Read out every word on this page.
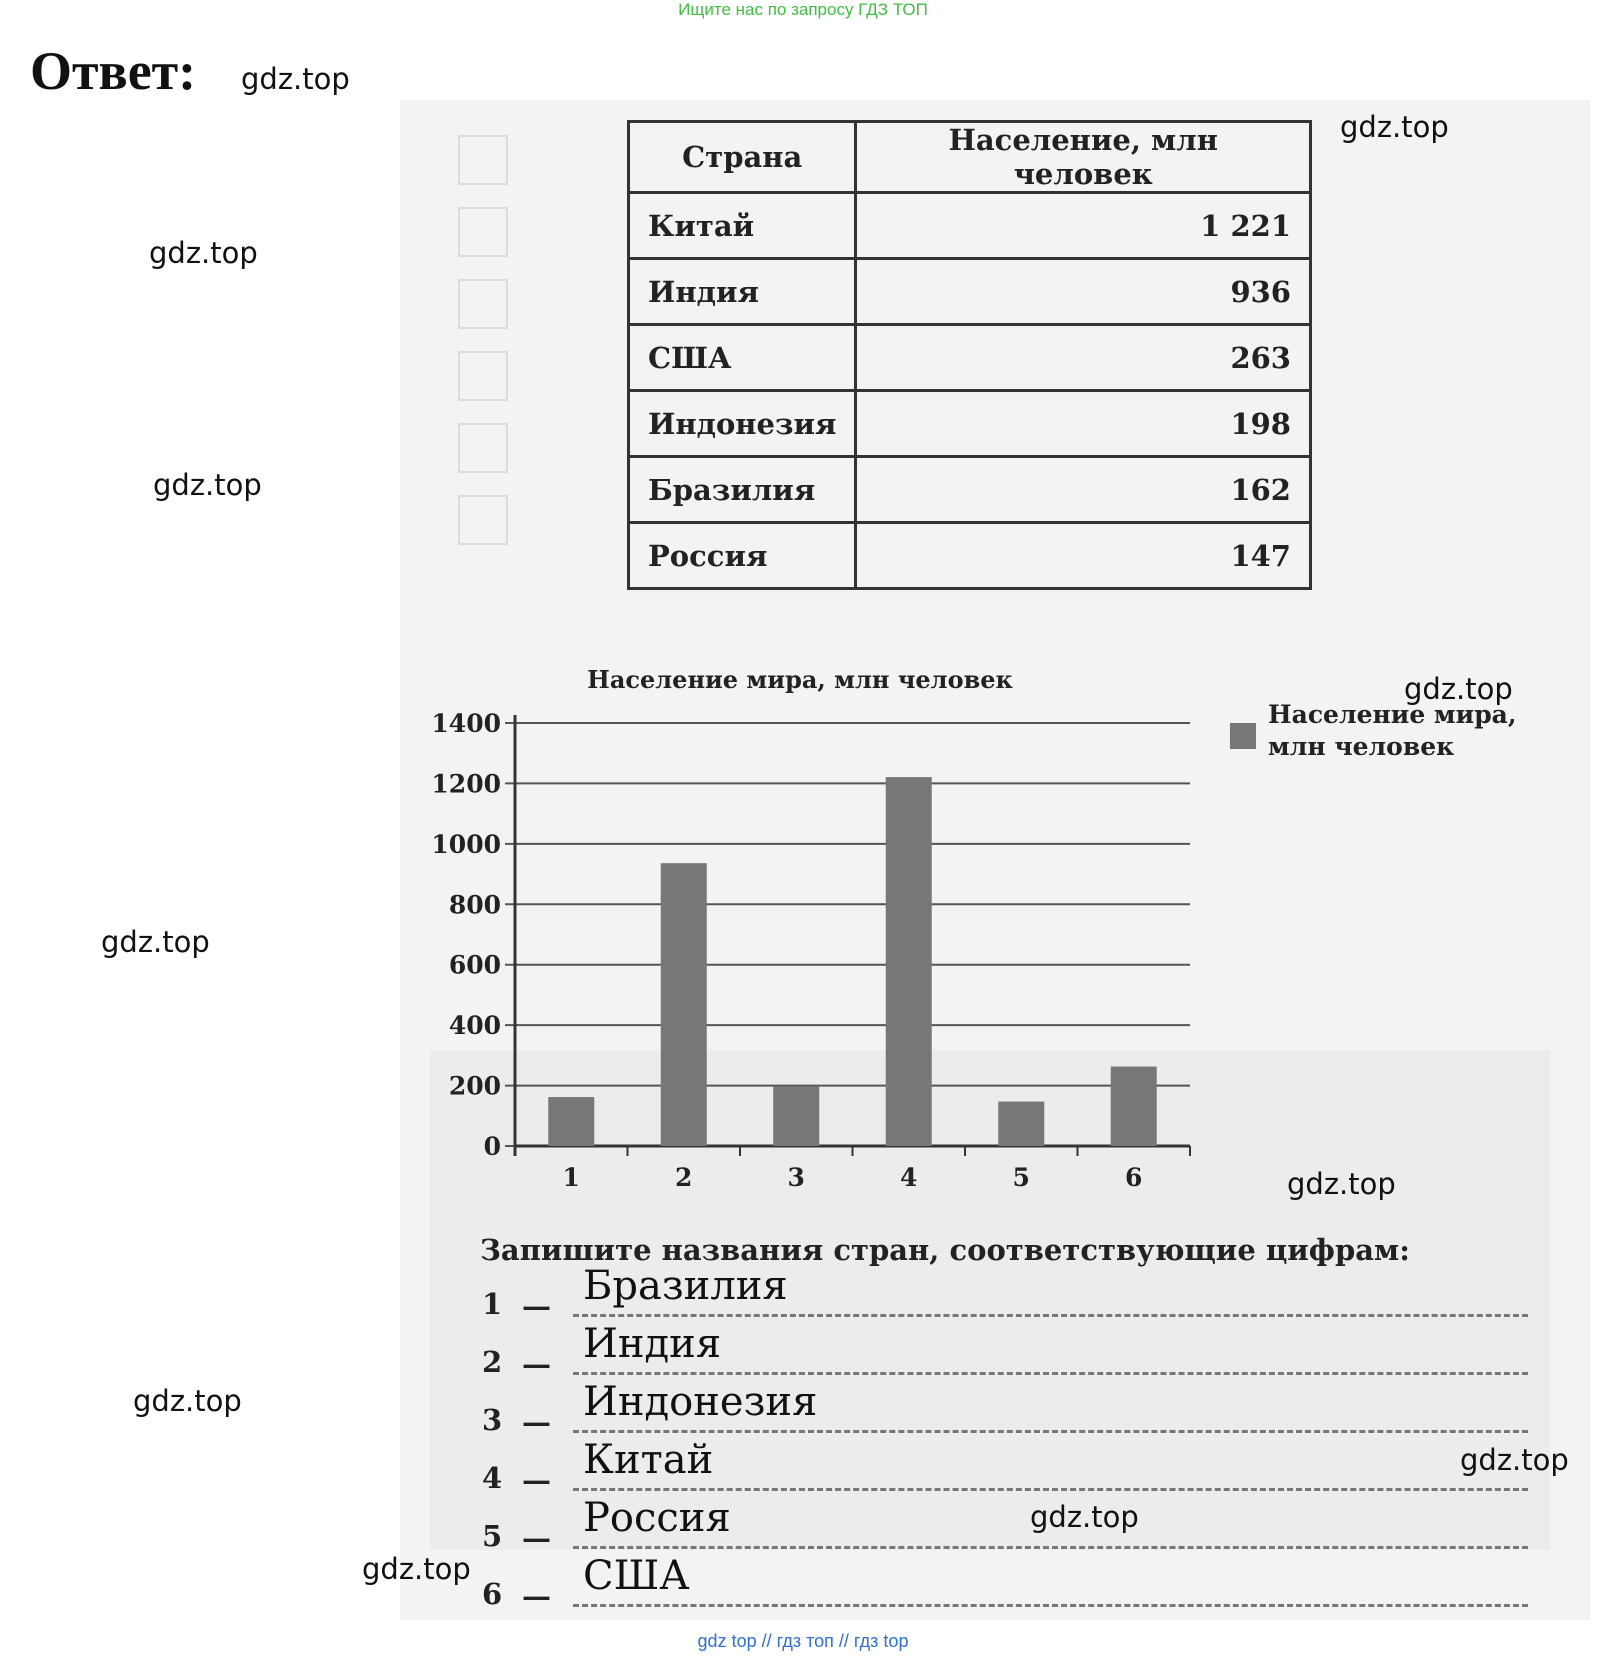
Ищите нас по запросу ГДЗ ТОП
Ответ: gdz.top
gdz.top
gdz.top
gdz.top
gdz.top
gdz.top
gdz.top
gdz.top
gdz.top
gdz.top
gdz.top
Страна	Население, млн человек
Китай	1 221
Индия	936
США	263
Индонезия	198
Бразилия	162
Россия	147
Население мира, млн человек
0
200
400
600
800
1000
1200
1400
1	2	3	4	5	6
Население мира,
млн человек
Запишите названия стран, соответствующие цифрам:
1 — Бразилия
2 — Индия
3 — Индонезия
4 — Китай
5 — Россия
6 — США
gdz top // гдз топ // гдз top
